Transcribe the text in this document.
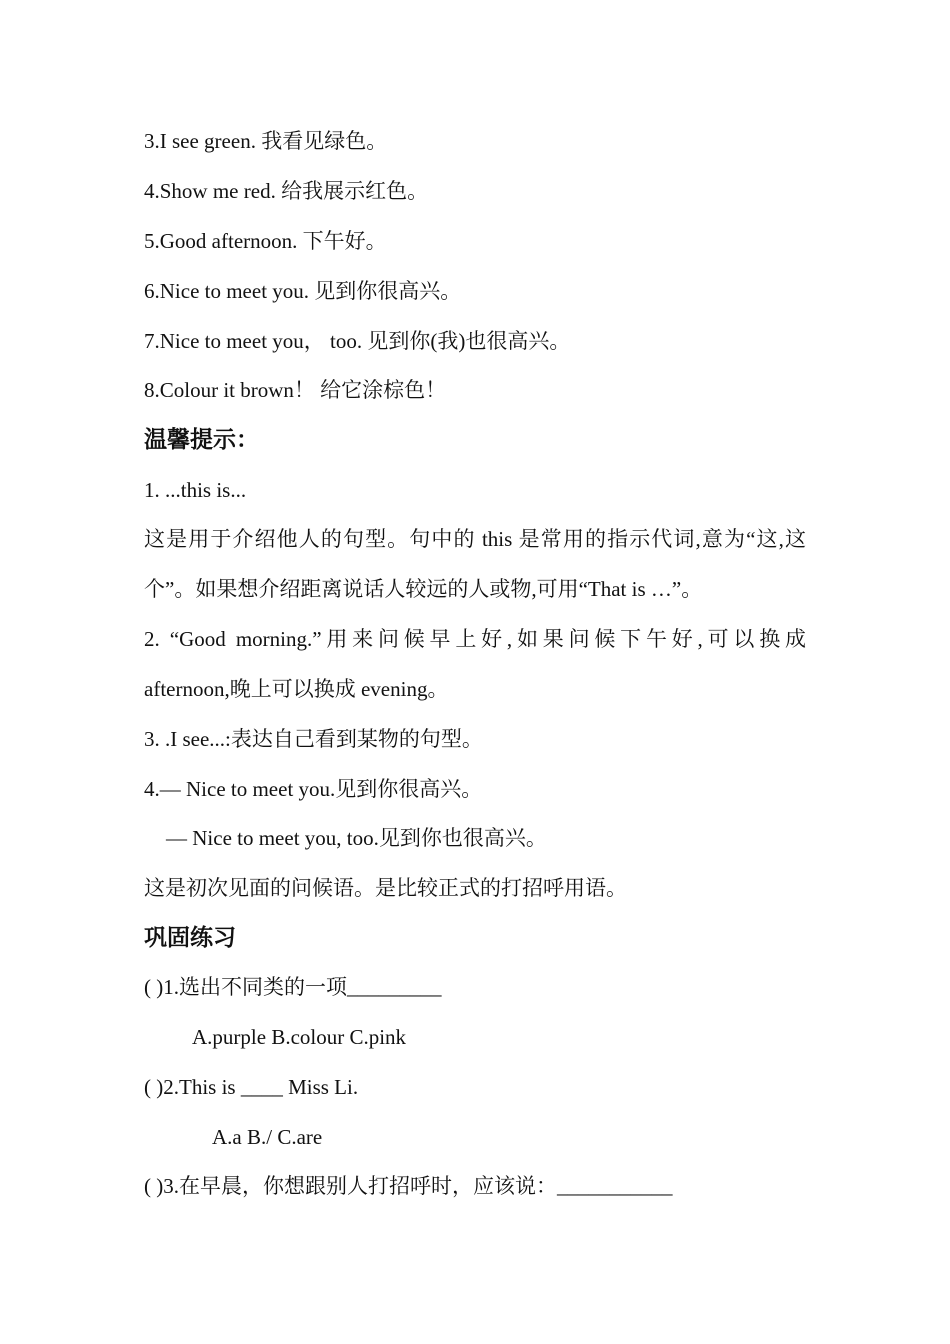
3.I see green. 我看见绿色。
4.Show me red. 给我展示红色。
5.Good afternoon. 下午好。
6.Nice to meet you. 见到你很高兴。
7.Nice to meet you， too. 见到你(我)也很高兴。
8.Colour it brown！ 给它涂棕色！
温馨提示：
1. ...this is...
这是用于介绍他人的句型。句中的 this 是常用的指示代词,意为“这,这
个”。如果想介绍距离说话人较远的人或物,可用“That is …”。
2. “Good morning.”用来问候早上好,如果问候下午好,可以换成
afternoon,晚上可以换成 evening。
3. .I see...:表达自己看到某物的句型。
4.— Nice to meet you.见到你很高兴。
— Nice to meet you, too.见到你也很高兴。
这是初次见面的问候语。是比较正式的打招呼用语。
巩固练习
( )1.选出不同类的一项_________
A.purple B.colour C.pink
( )2.This is ____ Miss Li.
A.a B./ C.are
( )3.在早晨，你想跟别人打招呼时，应该说：___________
